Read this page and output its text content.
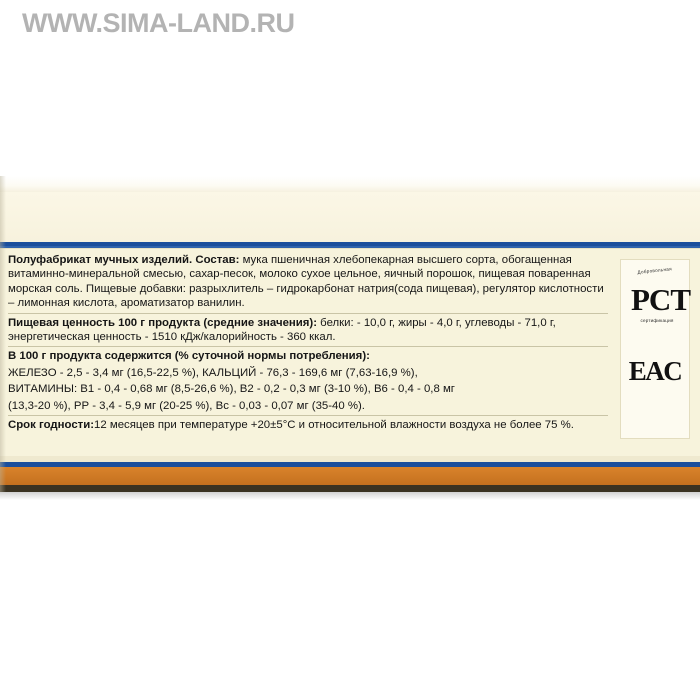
WWW.SIMA-LAND.RU

Полуфабрикат мучных изделий. Состав: мука пшеничная хлебопекарная высшего сорта, обогащенная витаминно-минеральной смесью, сахар-песок, молоко сухое цельное, яичный порошок, пищевая поваренная морская соль. Пищевые добавки: разрыхлитель – гидрокарбонат натрия(сода пищевая), регулятор кислотности – лимонная кислота, ароматизатор ванилин.

Пищевая ценность 100 г продукта (средние значения): белки: - 10,0 г, жиры - 4,0 г, углеводы - 71,0 г, энергетическая ценность - 1510 кДж/калорийность - 360 ккал.

В 100 г продукта содержится (% суточной нормы потребления):

ЖЕЛЕЗО - 2,5 - 3,4 мг (16,5-22,5 %), КАЛЬЦИЙ - 76,3 - 169,6 мг (7,63-16,9 %),

ВИТАМИНЫ: В1 - 0,4 - 0,68 мг (8,5-26,6 %), В2 - 0,2 - 0,3 мг (3-10 %), В6 - 0,4 - 0,8 мг

(13,3-20 %), РР - 3,4 - 5,9 мг (20-25 %), Вс - 0,03 - 0,07 мг (35-40 %).

Срок годности:12 месяцев при температуре +20±5°С и относительной влажности воздуха не более 75 %.

Добровольная
PCT
сертификация
EAC
